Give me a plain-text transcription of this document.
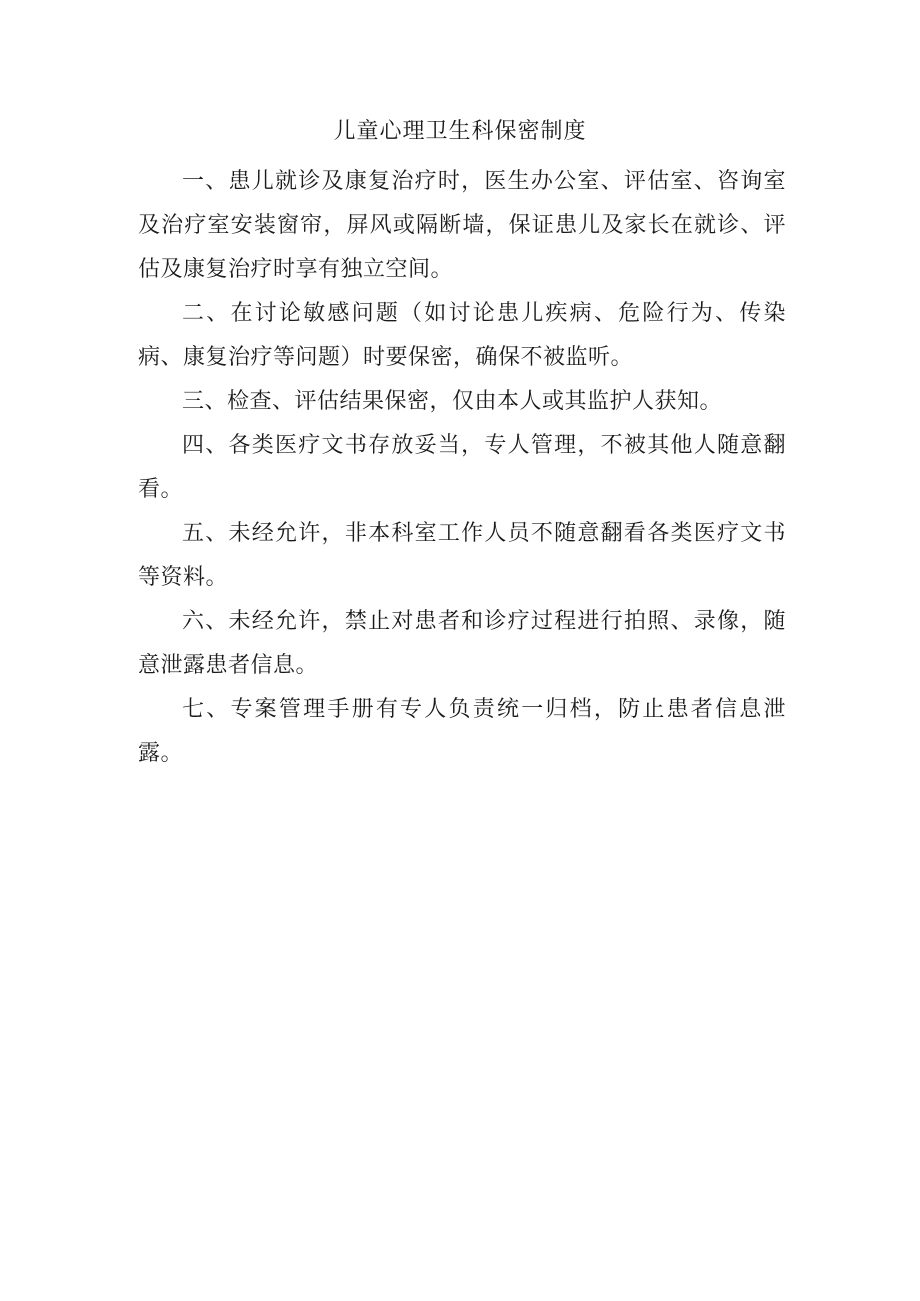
儿童心理卫生科保密制度

一、患儿就诊及康复治疗时，医生办公室、评估室、咨询室及治疗室安装窗帘，屏风或隔断墙，保证患儿及家长在就诊、评估及康复治疗时享有独立空间。

二、在讨论敏感问题（如讨论患儿疾病、危险行为、传染病、康复治疗等问题）时要保密，确保不被监听。

三、检查、评估结果保密，仅由本人或其监护人获知。

四、各类医疗文书存放妥当，专人管理，不被其他人随意翻看。

五、未经允许，非本科室工作人员不随意翻看各类医疗文书等资料。

六、未经允许，禁止对患者和诊疗过程进行拍照、录像，随意泄露患者信息。

七、专案管理手册有专人负责统一归档，防止患者信息泄露。
